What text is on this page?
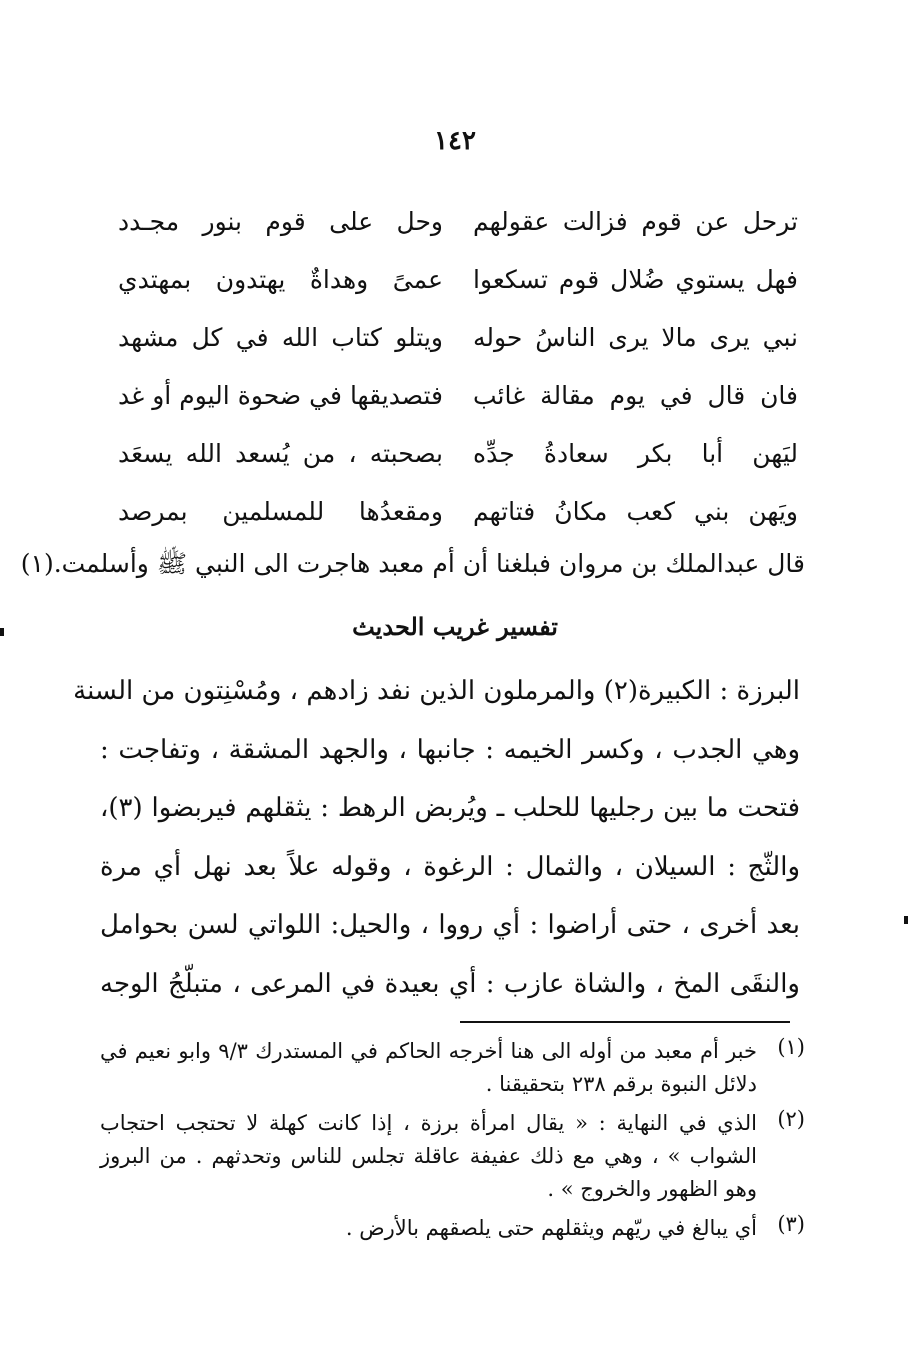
١٤٢
ترحل عن قوم فزالت عقولهم
وحل على قوم بنور مجـدد
فهل يستوي ضُلال قوم تسكعوا
عمىً وهداةٌ يهتدون بمهتدي
نبي يرى مالا يرى الناسُ حوله
ويتلو كتاب الله في كل مشهد
فان قال في يوم مقالة غائب
فتصديقها في ضحوة اليوم أو غد
ليَهن أبا بكر سعادةُ جدِّه
بصحبته ، من يُسعد الله يسعَد
ويَهن بني كعب مكانُ فتاتهم
ومقعدُها للمسلمين بمرصد
قال عبدالملك بن مروان فبلغنا أن أم معبد هاجرت الى النبي ﷺ وأسلمت.(١)
تفسير غريب الحديث
البرزة : الكبيرة(٢) والمرملون الذين نفد زادهم ، ومُسْنِتون من السنة
وهي الجدب ، وكسر الخيمه : جانبها ، والجهد المشقة ، وتفاجت :
فتحت ما بين رجليها للحلب ـ ويُربض الرهط : يثقلهم فيربضوا (٣)،
والثّج : السيلان ، والثمال : الرغوة ، وقوله علاً بعد نهل أي مرة
بعد أخرى ، حتى أراضوا : أي رووا ، والحيل: اللواتي لسن بحوامل
والنقَى المخ ، والشاة عازب : أي بعيدة في المرعى ، متبلّجُ الوجه
(١)
خبر أم معبد من أوله الى هنا أخرجه الحاكم في المستدرك ٩/٣ وابو نعيم في
دلائل النبوة برقم ٢٣٨ بتحقيقنا .
(٢)
الذي في النهاية : « يقال امرأة برزة ، إذا كانت كهلة لا تحتجب احتجاب
الشواب » ، وهي مع ذلك عفيفة عاقلة تجلس للناس وتحدثهم . من البروز
وهو الظهور والخروج » .
(٣)
أي يبالغ في ريّهم ويثقلهم حتى يلصقهم بالأرض .
